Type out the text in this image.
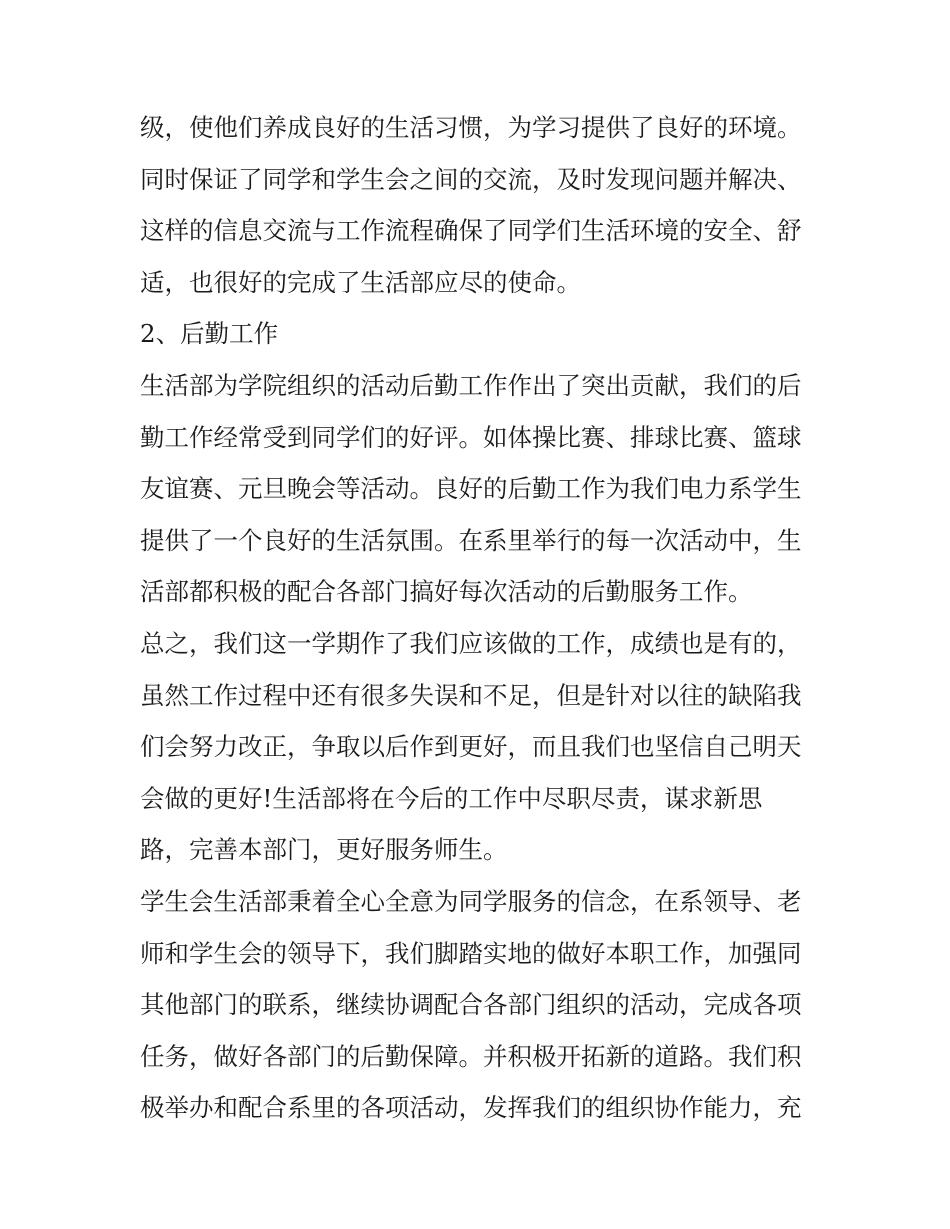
级，使他们养成良好的生活习惯，为学习提供了良好的环境。
同时保证了同学和学生会之间的交流，及时发现问题并解决、
这样的信息交流与工作流程确保了同学们生活环境的安全、舒
适，也很好的完成了生活部应尽的使命。
2、后勤工作
生活部为学院组织的活动后勤工作作出了突出贡献，我们的后
勤工作经常受到同学们的好评。如体操比赛、排球比赛、篮球
友谊赛、元旦晚会等活动。良好的后勤工作为我们电力系学生
提供了一个良好的生活氛围。在系里举行的每一次活动中，生
活部都积极的配合各部门搞好每次活动的后勤服务工作。
总之，我们这一学期作了我们应该做的工作，成绩也是有的，
虽然工作过程中还有很多失误和不足，但是针对以往的缺陷我
们会努力改正，争取以后作到更好，而且我们也坚信自己明天
会做的更好!生活部将在今后的工作中尽职尽责，谋求新思
路，完善本部门，更好服务师生。
学生会生活部秉着全心全意为同学服务的信念，在系领导、老
师和学生会的领导下，我们脚踏实地的做好本职工作，加强同
其他部门的联系，继续协调配合各部门组织的活动，完成各项
任务，做好各部门的后勤保障。并积极开拓新的道路。我们积
极举办和配合系里的各项活动，发挥我们的组织协作能力，充
